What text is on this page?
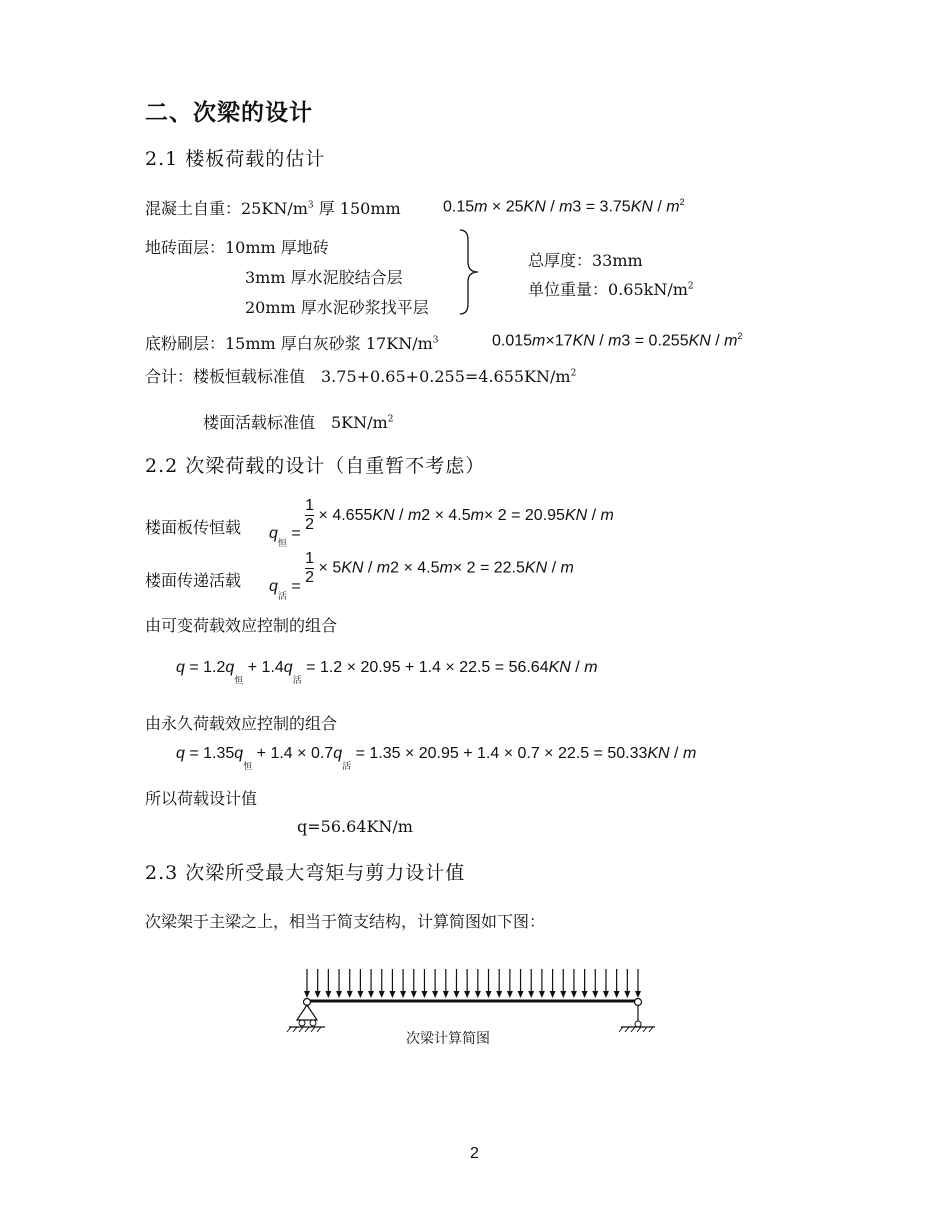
二、次梁的设计
2.1 楼板荷载的估计
混凝土自重：$25KN/m^3$ 厚 150mm	$0.15m \times 25KN / m3 = 3.75KN / m^2$
地砖面层：10mm 厚地砖
3mm 厚水泥胶结合层
20mm 厚水泥砂浆找平层
总厚度：33mm
单位重量：$0.65kN/m^2$
底粉刷层：15mm 厚白灰砂浆 $17KN/m^3$	$0.015m\times 17KN / m3 = 0.255KN / m^2$
合计：楼板恒载标准值　$3.75+0.65+0.255=4.655KN/m^2$
楼面活载标准值　$5KN/m^2$
2.2 次梁荷载的设计（自重暂不考虑）
楼面板传恒载 $q_恒 = \frac{1}{2} \times 4.655KN / m2 \times 4.5m\times 2 = 20.95KN / m$
楼面传递活载 $q_活 = \frac{1}{2} \times 5KN / m2 \times 4.5m\times 2 = 22.5KN / m$
由可变荷载效应控制的组合
$q = 1.2q_恒 + 1.4q_活 = 1.2 \times 20.95 + 1.4 \times 22.5 = 56.64KN / m$
由永久荷载效应控制的组合
$q = 1.35q_恒 + 1.4 \times 0.7q_活 = 1.35 \times 20.95 + 1.4 \times 0.7 \times 22.5 = 50.33KN / m$
所以荷载设计值
q=56.64KN/m
2.3 次梁所受最大弯矩与剪力设计值
次梁架于主梁之上，相当于简支结构，计算简图如下图：
次梁计算简图
2
